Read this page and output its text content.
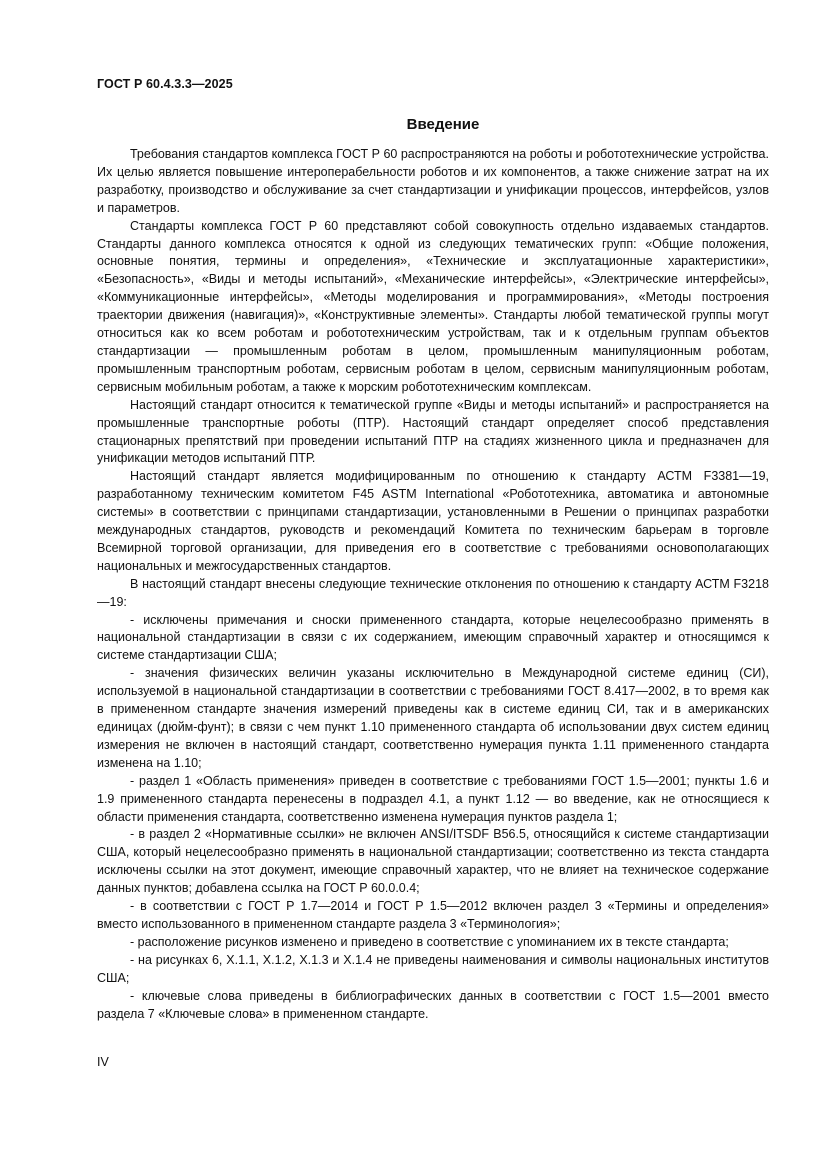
ГОСТ Р 60.4.3.3—2025
Введение

Требования стандартов комплекса ГОСТ Р 60 распространяются на роботы и робототехнические устройства. Их целью является повышение интероперабельности роботов и их компонентов, а также снижение затрат на их разработку, производство и обслуживание за счет стандартизации и унификации процессов, интерфейсов, узлов и параметров.

Стандарты комплекса ГОСТ Р 60 представляют собой совокупность отдельно издаваемых стандартов. Стандарты данного комплекса относятся к одной из следующих тематических групп: «Общие положения, основные понятия, термины и определения», «Технические и эксплуатационные характеристики», «Безопасность», «Виды и методы испытаний», «Механические интерфейсы», «Электрические интерфейсы», «Коммуникационные интерфейсы», «Методы моделирования и программирования», «Методы построения траектории движения (навигация)», «Конструктивные элементы». Стандарты любой тематической группы могут относиться как ко всем роботам и робототехническим устройствам, так и к отдельным группам объектов стандартизации — промышленным роботам в целом, промышленным манипуляционным роботам, промышленным транспортным роботам, сервисным роботам в целом, сервисным манипуляционным роботам, сервисным мобильным роботам, а также к морским робототехническим комплексам.

Настоящий стандарт относится к тематической группе «Виды и методы испытаний» и распространяется на промышленные транспортные роботы (ПТР). Настоящий стандарт определяет способ представления стационарных препятствий при проведении испытаний ПТР на стадиях жизненного цикла и предназначен для унификации методов испытаний ПТР.

Настоящий стандарт является модифицированным по отношению к стандарту АСТМ F3381—19, разработанному техническим комитетом F45 ASTM International «Робототехника, автоматика и автономные системы» в соответствии с принципами стандартизации, установленными в Решении о принципах разработки международных стандартов, руководств и рекомендаций Комитета по техническим барьерам в торговле Всемирной торговой организации, для приведения его в соответствие с требованиями основополагающих национальных и межгосударственных стандартов.

В настоящий стандарт внесены следующие технические отклонения по отношению к стандарту АСТМ F3218—19:

- исключены примечания и сноски примененного стандарта, которые нецелесообразно применять в национальной стандартизации в связи с их содержанием, имеющим справочный характер и относящимся к системе стандартизации США;

- значения физических величин указаны исключительно в Международной системе единиц (СИ), используемой в национальной стандартизации в соответствии с требованиями ГОСТ 8.417—2002, в то время как в примененном стандарте значения измерений приведены как в системе единиц СИ, так и в американских единицах (дюйм-фунт); в связи с чем пункт 1.10 примененного стандарта об использовании двух систем единиц измерения не включен в настоящий стандарт, соответственно нумерация пункта 1.11 примененного стандарта изменена на 1.10;

- раздел 1 «Область применения» приведен в соответствие с требованиями ГОСТ 1.5—2001; пункты 1.6 и 1.9 примененного стандарта перенесены в подраздел 4.1, а пункт 1.12 — во введение, как не относящиеся к области применения стандарта, соответственно изменена нумерация пунктов раздела 1;

- в раздел 2 «Нормативные ссылки» не включен ANSI/ITSDF B56.5, относящийся к системе стандартизации США, который нецелесообразно применять в национальной стандартизации; соответственно из текста стандарта исключены ссылки на этот документ, имеющие справочный характер, что не влияет на техническое содержание данных пунктов; добавлена ссылка на ГОСТ Р 60.0.0.4;

- в соответствии с ГОСТ Р 1.7—2014 и ГОСТ Р 1.5—2012 включен раздел 3 «Термины и определения» вместо использованного в примененном стандарте раздела 3 «Терминология»;

- расположение рисунков изменено и приведено в соответствие с упоминанием их в тексте стандарта;

- на рисунках 6, X.1.1, X.1.2, X.1.3 и X.1.4 не приведены наименования и символы национальных институтов США;

- ключевые слова приведены в библиографических данных в соответствии с ГОСТ 1.5—2001 вместо раздела 7 «Ключевые слова» в примененном стандарте.

IV
